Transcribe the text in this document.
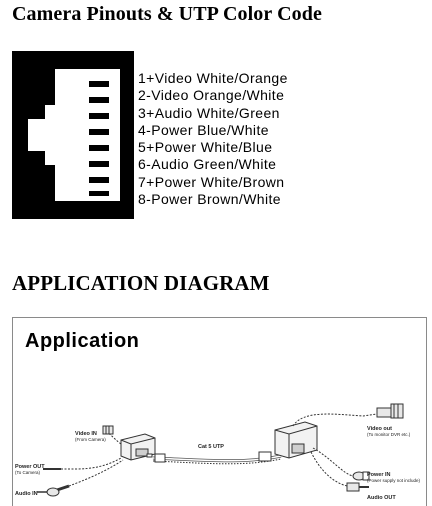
Camera Pinouts & UTP Color Code
1+Video White/Orange
2-Video Orange/White
3+Audio White/Green
4-Power Blue/White
5+Power White/Blue
6-Audio Green/White
7+Power White/Brown
8-Power Brown/White
APPLICATION DIAGRAM
Application
Video IN
(From Camera)
Cat 5 UTP
Power OUT
(To Camera)
Audio IN
Video out
(To monitor DVR etc.)
Power IN
(Power supply not include)
Audio OUT
